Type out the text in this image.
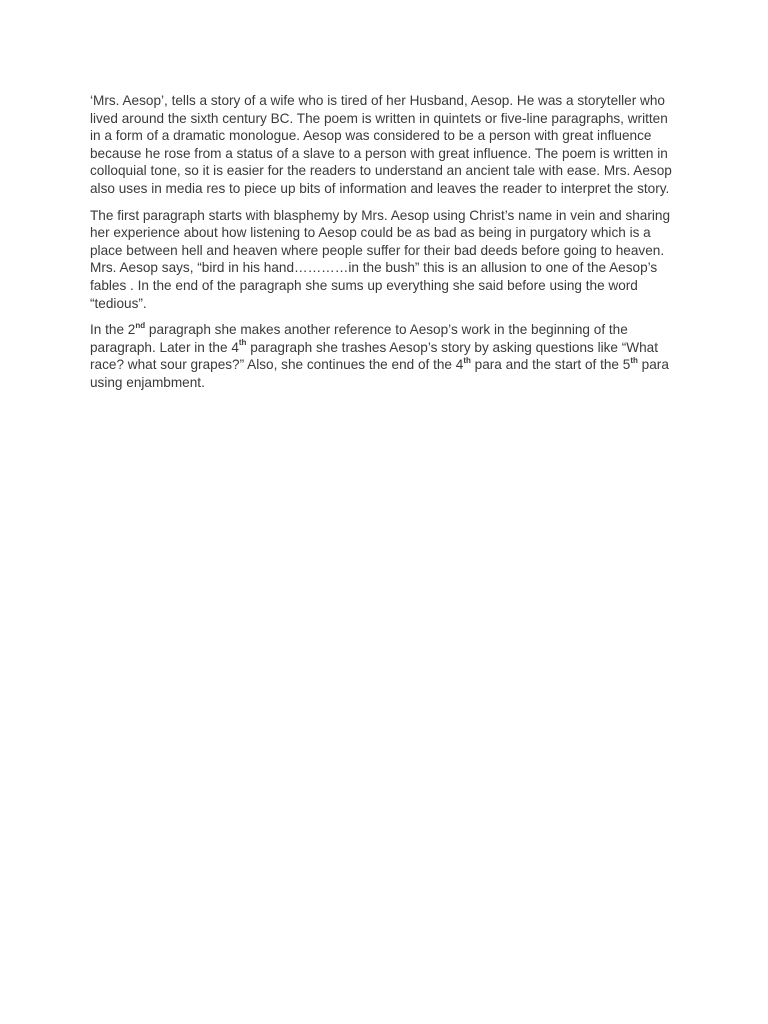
‘Mrs. Aesop’, tells a story of a wife who is tired of her Husband, Aesop. He was a storyteller who lived around the sixth century BC. The poem is written in quintets or five-line paragraphs, written in a form of a dramatic monologue. Aesop was considered to be a person with great influence because he rose from a status of a slave to a person with great influence. The poem is written in colloquial tone, so it is easier for the readers to understand an ancient tale with ease. Mrs. Aesop also uses in media res to piece up bits of information and leaves the reader to interpret the story.

The first paragraph starts with blasphemy by Mrs. Aesop using Christ’s name in vein and sharing her experience about how listening to Aesop could be as bad as being in purgatory which is a place between hell and heaven where people suffer for their bad deeds before going to heaven. Mrs. Aesop says, “bird in his hand…………in the bush” this is an allusion to one of the Aesop’s fables . In the end of the paragraph she sums up everything she said before using the word “tedious”.

In the 2nd paragraph she makes another reference to Aesop’s work in the beginning of the paragraph. Later in the 4th paragraph she trashes Aesop’s story by asking questions like “What race? what sour grapes?” Also, she continues the end of the 4th para and the start of the 5th para using enjambment.
